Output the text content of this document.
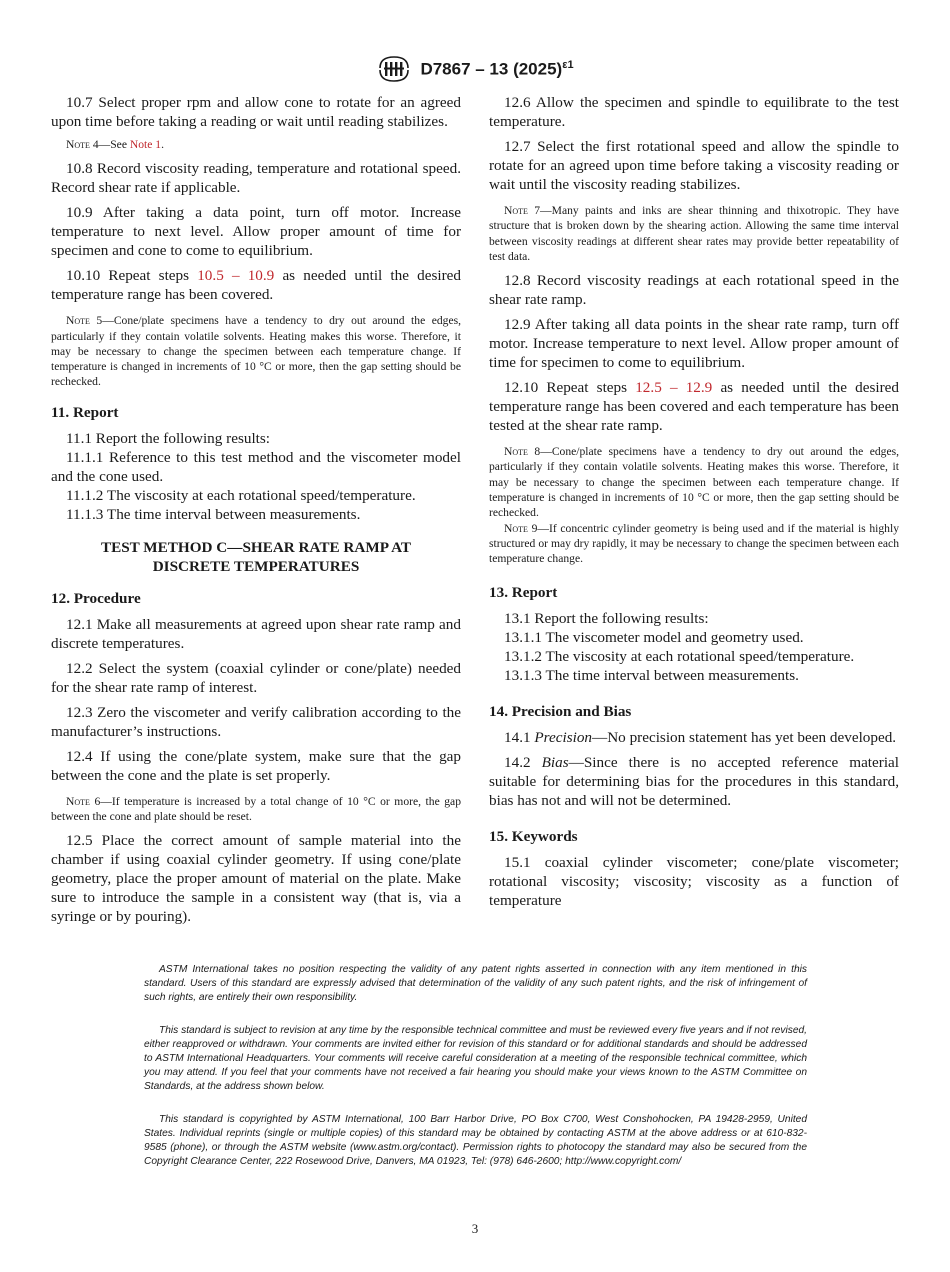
D7867 – 13 $(2025)^{\varepsilon 1}$

10.7 Select proper rpm and allow cone to rotate for an agreed upon time before taking a reading or wait until reading stabilizes.

Note 4—See Note 1.

10.8 Record viscosity reading, temperature and rotational speed. Record shear rate if applicable.

10.9 After taking a data point, turn off motor. Increase temperature to next level. Allow proper amount of time for specimen and cone to come to equilibrium.

10.10 Repeat steps 10.5 – 10.9 as needed until the desired temperature range has been covered.

Note 5—Cone/plate specimens have a tendency to dry out around the edges, particularly if they contain volatile solvents. Heating makes this worse. Therefore, it may be necessary to change the specimen between each temperature change. If temperature is changed in increments of 10 °C or more, then the gap setting should be rechecked.

11. Report

11.1 Report the following results:

11.1.1 Reference to this test method and the viscometer model and the cone used.

11.1.2 The viscosity at each rotational speed/temperature.

11.1.3 The time interval between measurements.

TEST METHOD C—SHEAR RATE RAMP AT DISCRETE TEMPERATURES
12. Procedure

12.1 Make all measurements at agreed upon shear rate ramp and discrete temperatures.

12.2 Select the system (coaxial cylinder or cone/plate) needed for the shear rate ramp of interest.

12.3 Zero the viscometer and verify calibration according to the manufacturer’s instructions.

12.4 If using the cone/plate system, make sure that the gap between the cone and the plate is set properly.

Note 6—If temperature is increased by a total change of 10 °C or more, the gap between the cone and plate should be reset.

12.5 Place the correct amount of sample material into the chamber if using coaxial cylinder geometry. If using cone/plate geometry, place the proper amount of material on the plate. Make sure to introduce the sample in a consistent way (that is, via a syringe or by pouring).

12.6 Allow the specimen and spindle to equilibrate to the test temperature.

12.7 Select the first rotational speed and allow the spindle to rotate for an agreed upon time before taking a viscosity reading or wait until the viscosity reading stabilizes.

Note 7—Many paints and inks are shear thinning and thixotropic. They have structure that is broken down by the shearing action. Allowing the same time interval between viscosity readings at different shear rates may provide better repeatability of test data.

12.8 Record viscosity readings at each rotational speed in the shear rate ramp.

12.9 After taking all data points in the shear rate ramp, turn off motor. Increase temperature to next level. Allow proper amount of time for specimen to come to equilibrium.

12.10 Repeat steps 12.5 – 12.9 as needed until the desired temperature range has been covered and each temperature has been tested at the shear rate ramp.

Note 8—Cone/plate specimens have a tendency to dry out around the edges, particularly if they contain volatile solvents. Heating makes this worse. Therefore, it may be necessary to change the specimen between each temperature change. If temperature is changed in increments of 10 °C or more, then the gap setting should be rechecked.

Note 9—If concentric cylinder geometry is being used and if the material is highly structured or may dry rapidly, it may be necessary to change the specimen between each temperature change.

13. Report

13.1 Report the following results:

13.1.1 The viscometer model and geometry used.

13.1.2 The viscosity at each rotational speed/temperature.

13.1.3 The time interval between measurements.

14. Precision and Bias

14.1 Precision—No precision statement has yet been developed.

14.2 Bias—Since there is no accepted reference material suitable for determining bias for the procedures in this standard, bias has not and will not be determined.

15. Keywords

15.1 coaxial cylinder viscometer; cone/plate viscometer; rotational viscosity; viscosity; viscosity as a function of temperature

ASTM International takes no position respecting the validity of any patent rights asserted in connection with any item mentioned in this standard. Users of this standard are expressly advised that determination of the validity of any such patent rights, and the risk of infringement of such rights, are entirely their own responsibility.

This standard is subject to revision at any time by the responsible technical committee and must be reviewed every five years and if not revised, either reapproved or withdrawn. Your comments are invited either for revision of this standard or for additional standards and should be addressed to ASTM International Headquarters. Your comments will receive careful consideration at a meeting of the responsible technical committee, which you may attend. If you feel that your comments have not received a fair hearing you should make your views known to the ASTM Committee on Standards, at the address shown below.

This standard is copyrighted by ASTM International, 100 Barr Harbor Drive, PO Box C700, West Conshohocken, PA 19428-2959, United States. Individual reprints (single or multiple copies) of this standard may be obtained by contacting ASTM at the above address or at 610-832-9585 (phone), or through the ASTM website (www.astm.org/contact). Permission rights to photocopy the standard may also be secured from the Copyright Clearance Center, 222 Rosewood Drive, Danvers, MA 01923, Tel: (978) 646-2600; http://www.copyright.com/

3
